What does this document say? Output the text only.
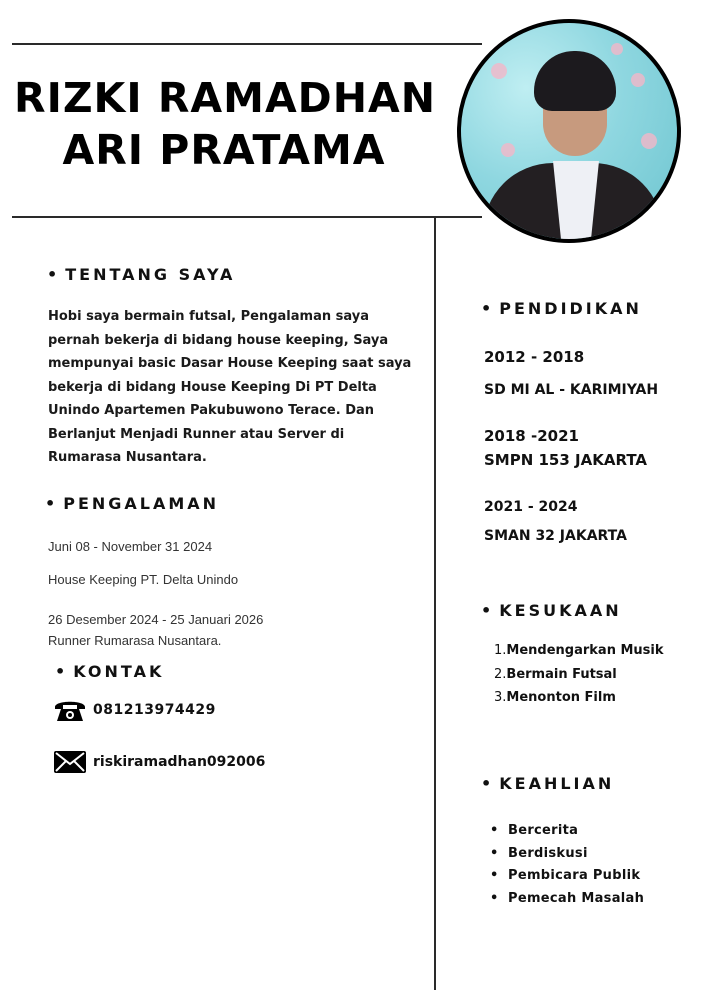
RIZKI RAMADHAN
ARI PRATAMA
• TENTANG SAYA
Hobi saya bermain futsal, Pengalaman saya pernah bekerja di bidang house keeping, Saya mempunyai basic Dasar House Keeping saat saya bekerja di bidang House Keeping Di PT Delta Unindo Apartemen Pakubuwono Terace. Dan Berlanjut Menjadi Runner atau Server di Rumarasa Nusantara.
• PENGALAMAN
Juni 08 - November 31 2024
House Keeping PT. Delta Unindo
26 Desember 2024 - 25 Januari 2026
Runner Rumarasa Nusantara.
• KONTAK
081213974429
riskiramadhan092006
• PENDIDIKAN
2012 - 2018
SD MI AL - KARIMIYAH
2018 -2021
SMPN 153 JAKARTA
2021 - 2024
SMAN 32 JAKARTA
• KESUKAAN
1.Mendengarkan Musik
2.Bermain Futsal
3.Menonton Film
• KEAHLIAN
• Bercerita
• Berdiskusi
• Pembicara Publik
• Pemecah Masalah
